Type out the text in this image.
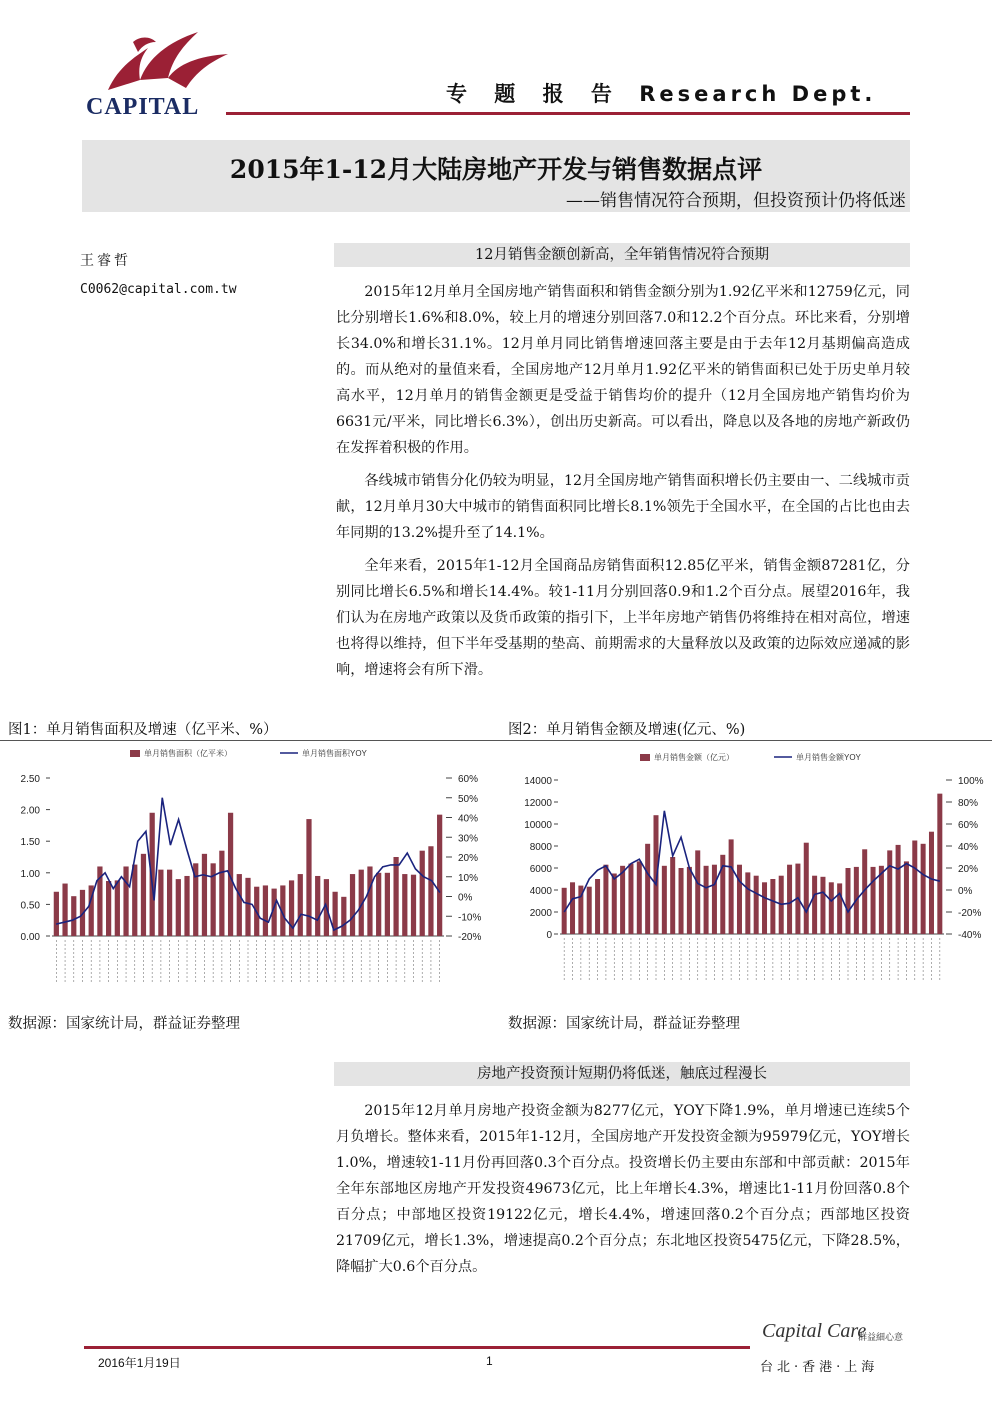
CAPITAL	专 题 报 告 Research Dept.
2015年1-12月大陆房地产开发与销售数据点评
——销售情况符合预期，但投资预计仍将低迷
王睿哲
C0062@capital.com.tw
12月销售金额创新高，全年销售情况符合预期

2015年12月单月全国房地产销售面积和销售金额分别为1.92亿平米和12759亿元，同比分别增长1.6%和8.0%，较上月的增速分别回落7.0和12.2个百分点。环比来看，分别增长34.0%和增长31.1%。12月单月同比销售增速回落主要是由于去年12月基期偏高造成的。而从绝对的量值来看，全国房地产12月单月1.92亿平米的销售面积已处于历史单月较高水平，12月单月的销售金额更是受益于销售均价的提升（12月全国房地产销售均价为6631元/平米，同比增长6.3%），创出历史新高。可以看出，降息以及各地的房地产新政仍在发挥着积极的作用。

各线城市销售分化仍较为明显，12月全国房地产销售面积增长仍主要由一、二线城市贡献，12月单月30大中城市的销售面积同比增长8.1%领先于全国水平，在全国的占比也由去年同期的13.2%提升至了14.1%。

全年来看，2015年1-12月全国商品房销售面积12.85亿平米，销售金额87281亿，分别同比增长6.5%和增长14.4%。较1-11月分别回落0.9和1.2个百分点。展望2016年，我们认为在房地产政策以及货币政策的指引下，上半年房地产销售仍将维持在相对高位，增速也将得以维持，但下半年受基期的垫高、前期需求的大量释放以及政策的边际效应递减的影响，增速将会有所下滑。

图1：单月销售面积及增速（亿平米、%）	图2：单月销售金额及增速(亿元、%)
单月销售面积（亿平米）	单月销售面积YOY
0.00
0.50
1.00
1.50
2.00
2.50
-20%
-10%
0%
10%
20%
30%
40%
50%
60%
单月销售金额（亿元）	单月销售金额YOY
0
2000
4000
6000
8000
10000
12000
14000
-40%
-20%
0%
20%
40%
60%
80%
100%
数据源：国家统计局，群益证券整理	数据源：国家统计局，群益证券整理
房地产投资预计短期仍将低迷，触底过程漫长

2015年12月单月房地产投资金额为8277亿元，YOY下降1.9%，单月增速已连续5个月负增长。整体来看，2015年1-12月，全国房地产开发投资金额为95979亿元，YOY增长1.0%，增速较1-11月份再回落0.3个百分点。投资增长仍主要由东部和中部贡献：2015年全年东部地区房地产开发投资49673亿元，比上年增长4.3%，增速比1-11月份回落0.8个百分点；中部地区投资19122亿元，增长4.4%，增速回落0.2个百分点；西部地区投资21709亿元，增长1.3%，增速提高0.2个百分点；东北地区投资5475亿元，下降28.5%，降幅扩大0.6个百分点。

Capital Care
群益細心意
2016年1月19日	1	台北·香港·上海
